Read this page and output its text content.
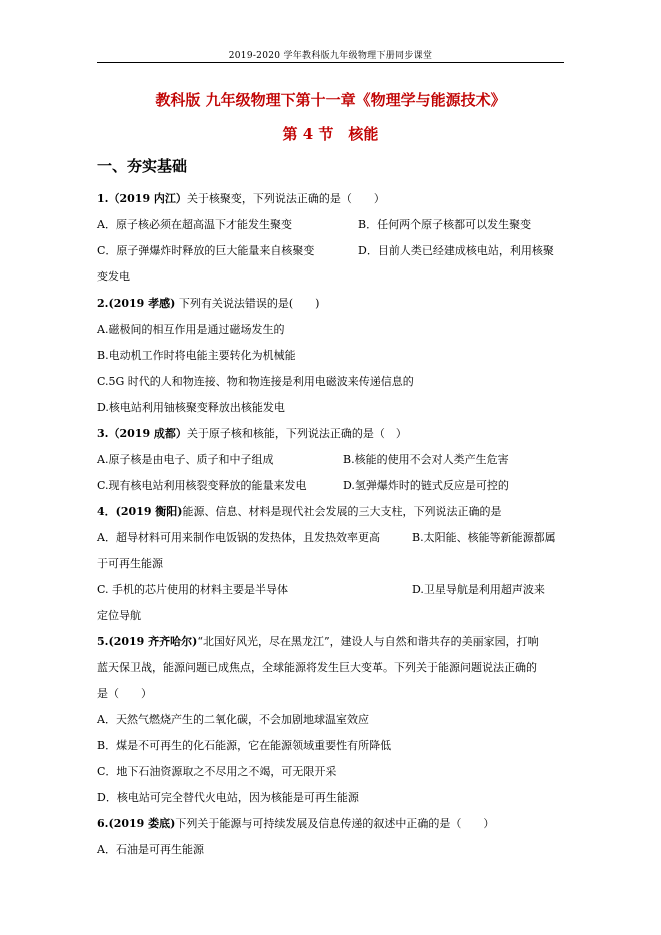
2019-2020 学年教科版九年级物理下册同步课堂
教科版 九年级物理下第十一章《物理学与能源技术》
第 4 节　核能
一、夯实基础
1.（2019 内江）关于核聚变，下列说法正确的是（　　）
A．原子核必须在超高温下才能发生聚变	B．任何两个原子核都可以发生聚变
C．原子弹爆炸时释放的巨大能量来自核聚变	D．目前人类已经建成核电站，利用核聚
变发电
2.(2019 孝感) 下列有关说法错误的是(　　)
A.磁极间的相互作用是通过磁场发生的
B.电动机工作时将电能主要转化为机械能
C.5G 时代的人和物连接、物和物连接是利用电磁波来传递信息的
D.核电站利用铀核聚变释放出核能发电
3.（2019 成都）关于原子核和核能，下列说法正确的是（　）
A.原子核是由电子、质子和中子组成	B.核能的使用不会对人类产生危害
C.现有核电站利用核裂变释放的能量来发电	D.氢弹爆炸时的链式反应是可控的
4．(2019 衡阳)能源、信息、材料是现代社会发展的三大支柱，下列说法正确的是
A．超导材料可用来制作电饭锅的发热体，且发热效率更高	B.太阳能、核能等新能源都属
于可再生能源
C. 手机的芯片使用的材料主要是半导体	D.卫星导航是利用超声波来
定位导航
5.(2019 齐齐哈尔)“北国好风光，尽在黑龙江”，建设人与自然和谐共存的美丽家园，打响
蓝天保卫战，能源问题已成焦点，全球能源将发生巨大变革。下列关于能源问题说法正确的
是（　　）
A．天然气燃烧产生的二氧化碳，不会加剧地球温室效应
B．煤是不可再生的化石能源，它在能源领域重要性有所降低
C．地下石油资源取之不尽用之不竭，可无限开采
D．核电站可完全替代火电站，因为核能是可再生能源
6.(2019 娄底)下列关于能源与可持续发展及信息传递的叙述中正确的是（　　）
A．石油是可再生能源
